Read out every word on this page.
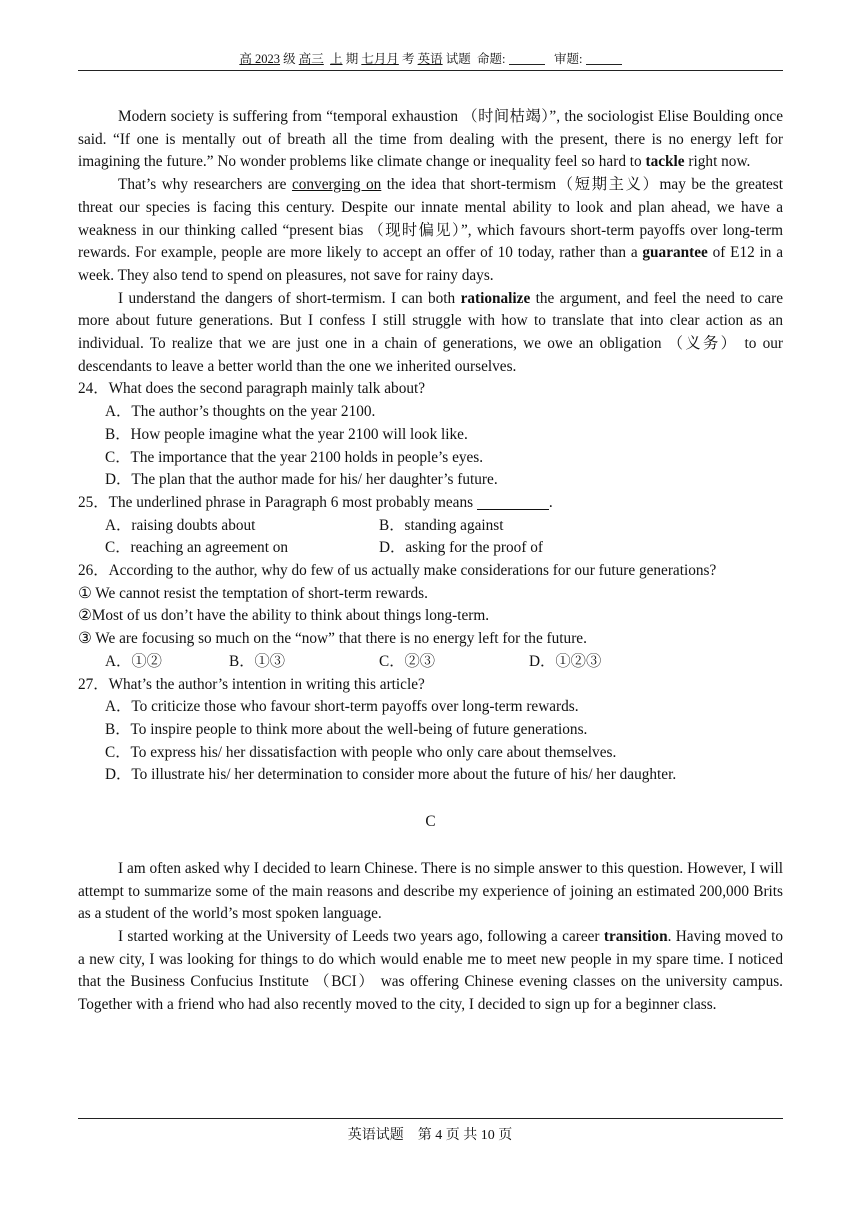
高 2023 级 高三 上 期 七月月 考 英语 试题 命题:	审题:

Modern society is suffering from “temporal exhaustion （时间枯竭）”, the sociologist Elise Boulding once said. “If one is mentally out of breath all the time from dealing with the present, there is no energy left for imagining the future.” No wonder problems like climate change or inequality feel so hard to tackle right now.

That’s why researchers are converging on the idea that short-termism（短期主义）may be the greatest threat our species is facing this century. Despite our innate mental ability to look and plan ahead, we have a weakness in our thinking called “present bias （现时偏见）”, which favours short-term payoffs over long-term rewards. For example, people are more likely to accept an offer of 10 today, rather than a guarantee of E12 in a week. They also tend to spend on pleasures, not save for rainy days.

I understand the dangers of short-termism. I can both rationalize the argument, and feel the need to care more about future generations. But I confess I still struggle with how to translate that into clear action as an individual. To realize that we are just one in a chain of generations, we owe an obligation （义务） to our descendants to leave a better world than the one we inherited ourselves.

24．What does the second paragraph mainly talk about?

A．The author’s thoughts on the year 2100.

B．How people imagine what the year 2100 will look like.

C．The importance that the year 2100 holds in people’s eyes.

D．The plan that the author made for his/ her daughter’s future.

25．The underlined phrase in Paragraph 6 most probably means	.

A．raising doubts about	B．standing against
C．reaching an agreement on	D．asking for the proof of

26．According to the author, why do few of us actually make considerations for our future generations?

① We cannot resist the temptation of short-term rewards.

②Most of us don’t have the ability to think about things long-term.

③ We are focusing so much on the “now” that there is no energy left for the future.

A．①②	B．①③	C．②③	D．①②③

27．What’s the author’s intention in writing this article?

A．To criticize those who favour short-term payoffs over long-term rewards.

B．To inspire people to think more about the well-being of future generations.

C．To express his/ her dissatisfaction with people who only care about themselves.

D．To illustrate his/ her determination to consider more about the future of his/ her daughter.

C

I am often asked why I decided to learn Chinese. There is no simple answer to this question. However, I will attempt to summarize some of the main reasons and describe my experience of joining an estimated 200,000 Brits as a student of the world’s most spoken language.

I started working at the University of Leeds two years ago, following a career transition. Having moved to a new city, I was looking for things to do which would enable me to meet new people in my spare time. I noticed that the Business Confucius Institute （BCI） was offering Chinese evening classes on the university campus. Together with a friend who had also recently moved to the city, I decided to sign up for a beginner class.

英语试题　第 4 页 共 10 页
